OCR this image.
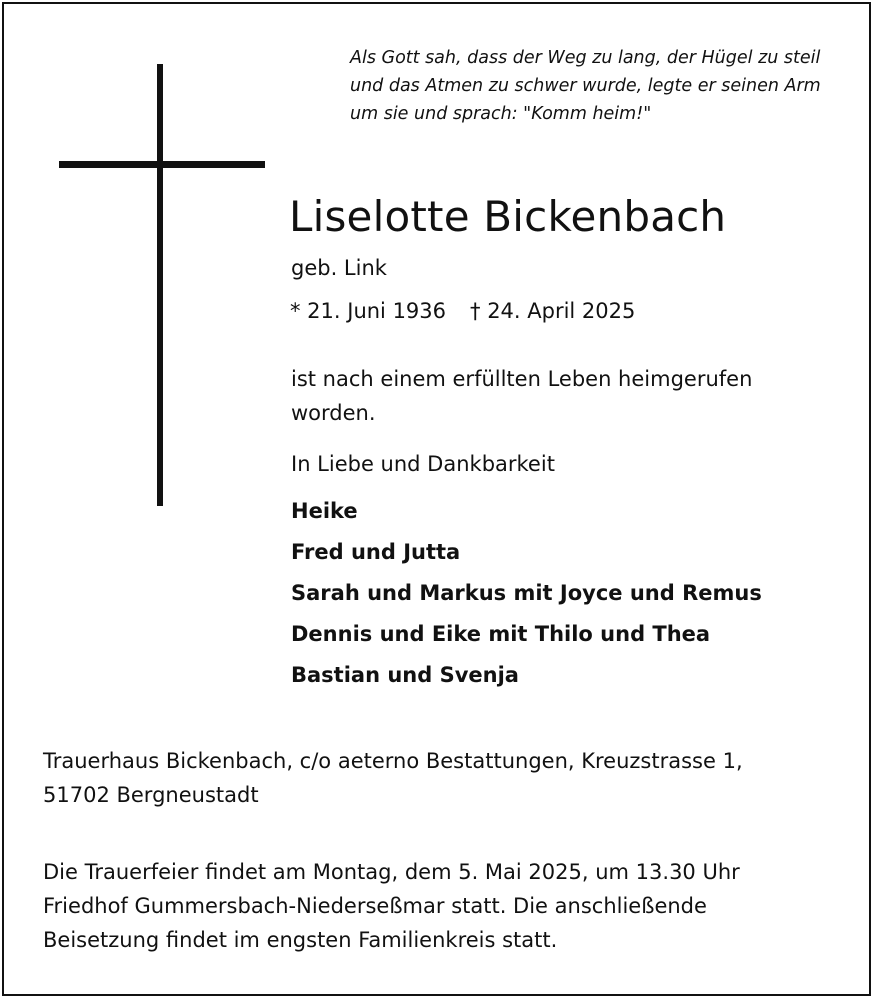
Als Gott sah, dass der Weg zu lang, der Hügel zu steil
und das Atmen zu schwer wurde, legte er seinen Arm
um sie und sprach: "Komm heim!"
Liselotte Bickenbach
geb. Link
* 21. Juni 1936 † 24. April 2025
ist nach einem erfüllten Leben heimgerufen
worden.
In Liebe und Dankbarkeit
Heike
Fred und Jutta
Sarah und Markus mit Joyce und Remus
Dennis und Eike mit Thilo und Thea
Bastian und Svenja
Trauerhaus Bickenbach, c/o aeterno Bestattungen, Kreuzstrasse 1,
51702 Bergneustadt
Die Trauerfeier findet am Montag, dem 5. Mai 2025, um 13.30 Uhr
Friedhof Gummersbach-Niederseßmar statt. Die anschließende
Beisetzung findet im engsten Familienkreis statt.
